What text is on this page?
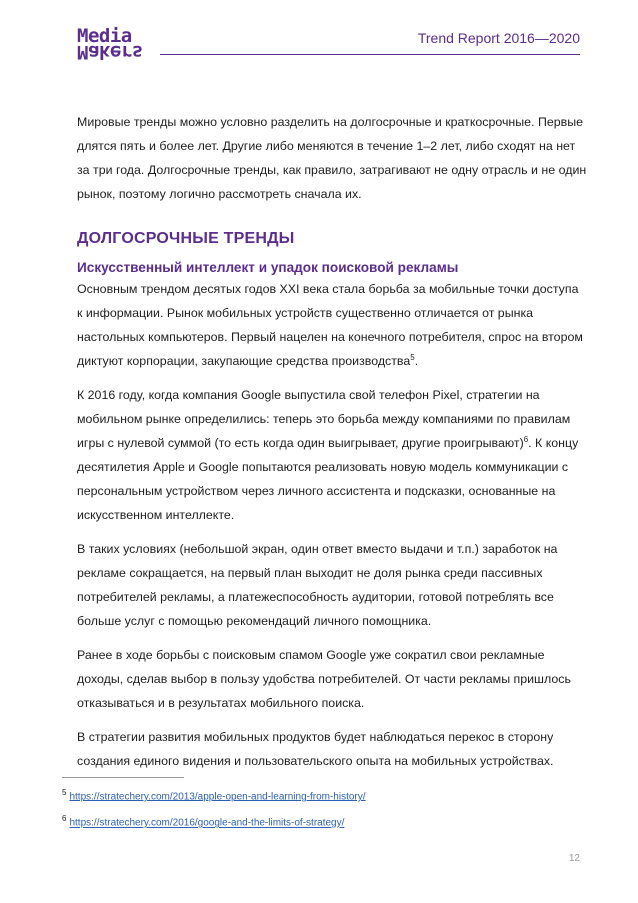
Media
Makers
Trend Report 2016—2020

Мировые тренды можно условно разделить на долгосрочные и краткосрочные. Первые длятся пять и более лет. Другие либо меняются в течение 1–2 лет, либо сходят на нет за три года. Долгосрочные тренды, как правило, затрагивают не одну отрасль и не один рынок, поэтому логично рассмотреть сначала их.

ДОЛГОСРОЧНЫЕ ТРЕНДЫ
Искусственный интеллект и упадок поисковой рекламы

Основным трендом десятых годов XXI века стала борьба за мобильные точки доступа к информации. Рынок мобильных устройств существенно отличается от рынка настольных компьютеров. Первый нацелен на конечного потребителя, спрос на втором диктуют корпорации, закупающие средства производства$^5$.

К 2016 году, когда компания Google выпустила свой телефон Pixel, стратегии на мобильном рынке определились: теперь это борьба между компаниями по правилам игры с нулевой суммой (то есть когда один выигрывает, другие проигрывают)$^6$. К концу десятилетия Apple и Google попытаются реализовать новую модель коммуникации с персональным устройством через личного ассистента и подсказки, основанные на искусственном интеллекте.

В таких условиях (небольшой экран, один ответ вместо выдачи и т.п.) заработок на рекламе сокращается, на первый план выходит не доля рынка среди пассивных потребителей рекламы, а платежеспособность аудитории, готовой потреблять все больше услуг с помощью рекомендаций личного помощника.

Ранее в ходе борьбы с поисковым спамом Google уже сократил свои рекламные доходы, сделав выбор в пользу удобства потребителей. От части рекламы пришлось отказываться и в результатах мобильного поиска.

В стратегии развития мобильных продуктов будет наблюдаться перекос в сторону создания единого видения и пользовательского опыта на мобильных устройствах.

$^5$ https://stratechery.com/2013/apple-open-and-learning-from-history/
$^6$ https://stratechery.com/2016/google-and-the-limits-of-strategy/
12
